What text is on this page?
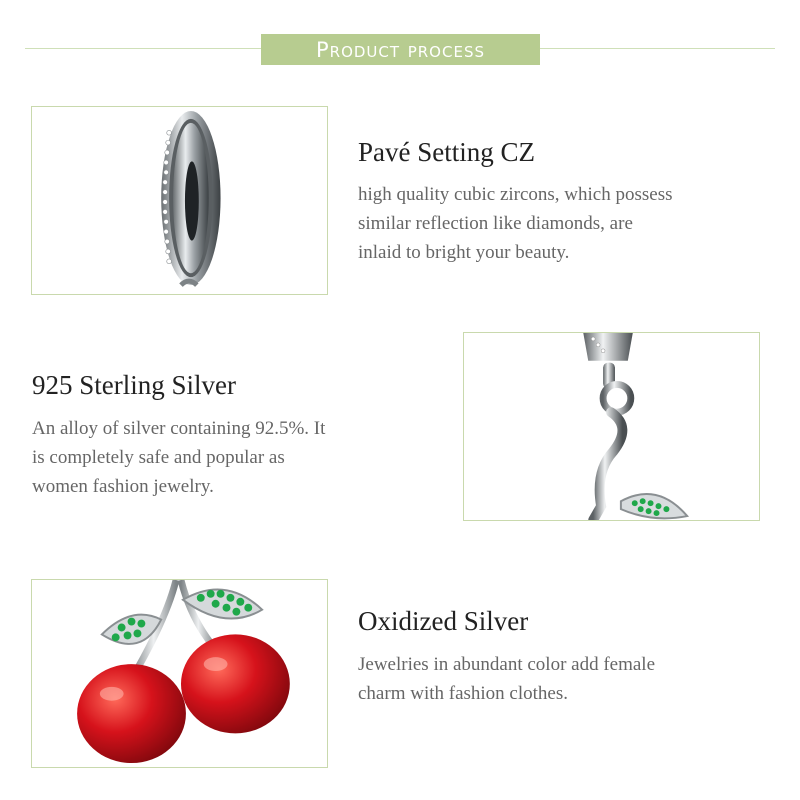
Product process
Pavé Setting CZ

high quality cubic zircons, which possess
similar reflection like diamonds, are
inlaid to bright your beauty.

925 Sterling Silver

An alloy of silver containing 92.5%. It
is completely safe and popular as
women fashion jewelry.

Oxidized Silver

Jewelries in abundant color add female
charm with fashion clothes.
